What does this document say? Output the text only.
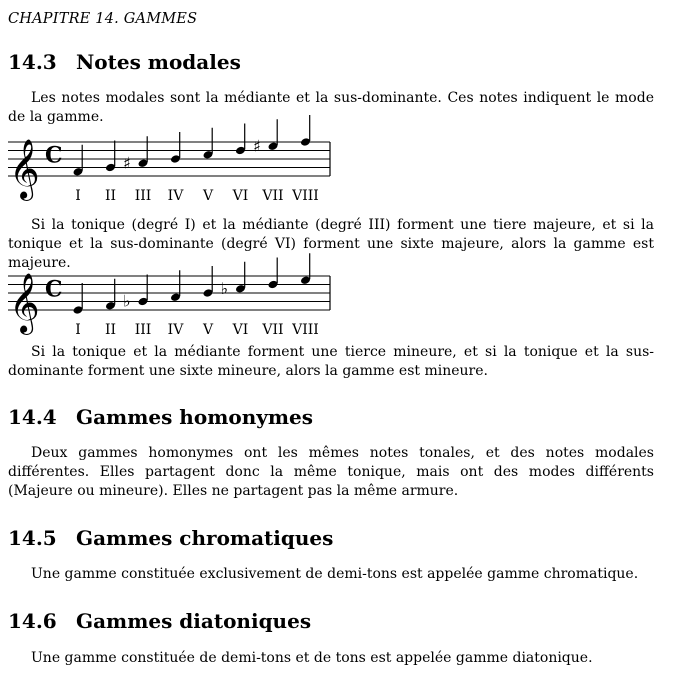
CHAPITRE 14. GAMMES
14.3 Notes modales

Les notes modales sont la médiante et la sus-dominante. Ces notes indiquent le mode de la gamme.

𝄞 C
I II
♯
III IV V VI
♯
VII VIII

Si la tonique (degré I) et la médiante (degré III) forment une tiere majeure, et si la tonique et la sus-dominante (degré VI) forment une sixte majeure, alors la gamme est majeure.

𝄞 C
I II
♭
III IV V
♭
VI VII VIII

Si la tonique et la médiante forment une tierce mineure, et si la tonique et la sus-dominante forment une sixte mineure, alors la gamme est mineure.

14.4 Gammes homonymes

Deux gammes homonymes ont les mêmes notes tonales, et des notes modales différentes. Elles partagent donc la même tonique, mais ont des modes différents (Majeure ou mineure). Elles ne partagent pas la même armure.

14.5 Gammes chromatiques

Une gamme constituée exclusivement de demi-tons est appelée gamme chromatique.

14.6 Gammes diatoniques

Une gamme constituée de demi-tons et de tons est appelée gamme diatonique.
